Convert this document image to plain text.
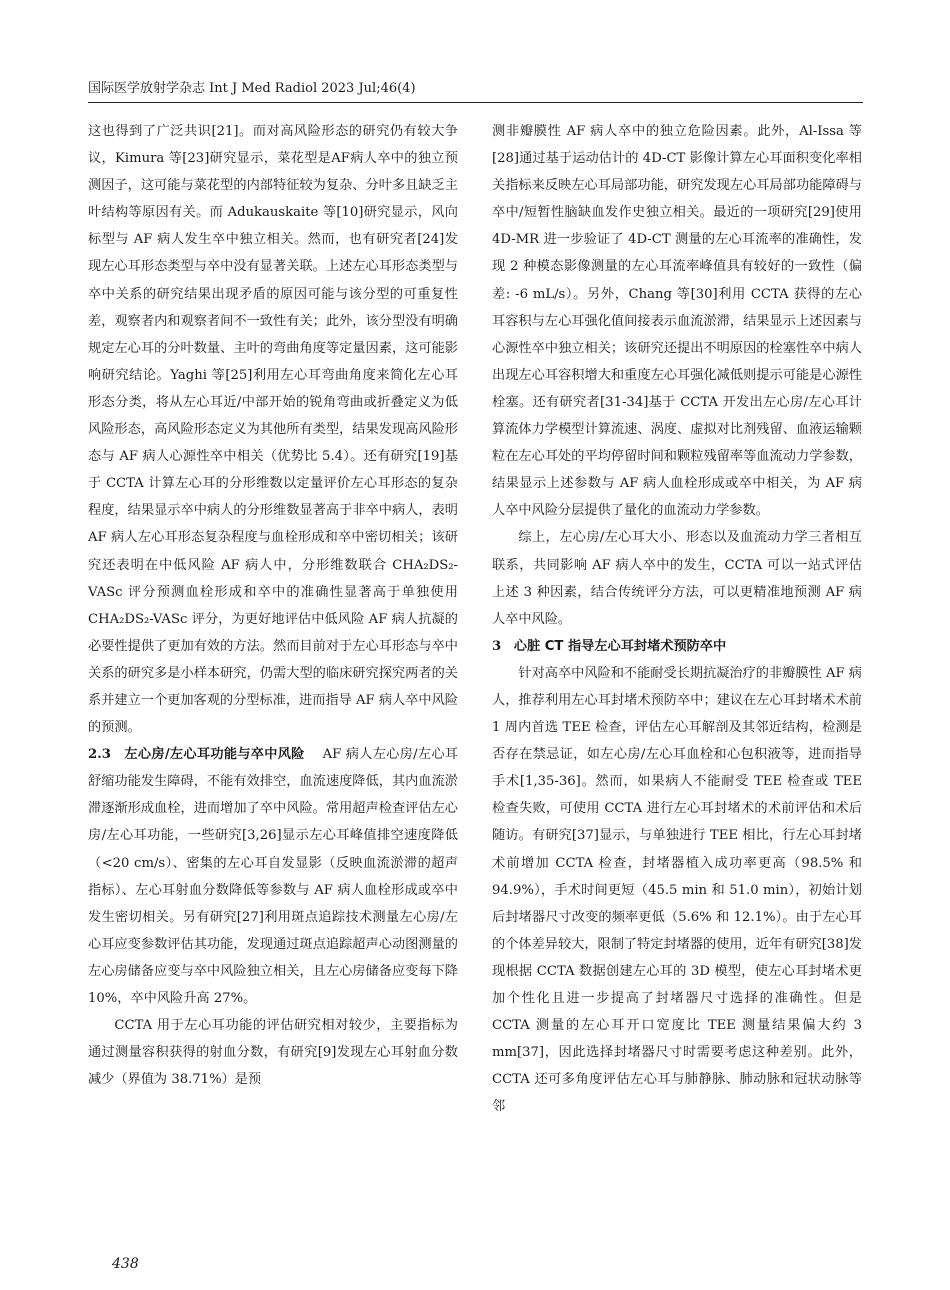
国际医学放射学杂志 Int J Med Radiol 2023 Jul;46(4)

这也得到了广泛共识[21]。而对高风险形态的研究仍有较大争议，Kimura 等[23]研究显示，菜花型是AF病人卒中的独立预测因子，这可能与菜花型的内部特征较为复杂、分叶多且缺乏主叶结构等原因有关。而 Adukauskaite 等[10]研究显示，风向标型与 AF 病人发生卒中独立相关。然而，也有研究者[24]发现左心耳形态类型与卒中没有显著关联。上述左心耳形态类型与卒中关系的研究结果出现矛盾的原因可能与该分型的可重复性差，观察者内和观察者间不一致性有关；此外，该分型没有明确规定左心耳的分叶数量、主叶的弯曲角度等定量因素，这可能影响研究结论。Yaghi 等[25]利用左心耳弯曲角度来简化左心耳形态分类，将从左心耳近/中部开始的锐角弯曲或折叠定义为低风险形态，高风险形态定义为其他所有类型，结果发现高风险形态与 AF 病人心源性卒中相关（优势比 5.4）。还有研究[19]基于 CCTA 计算左心耳的分形维数以定量评价左心耳形态的复杂程度，结果显示卒中病人的分形维数显著高于非卒中病人，表明 AF 病人左心耳形态复杂程度与血栓形成和卒中密切相关；该研究还表明在中低风险 AF 病人中，分形维数联合 CHA₂DS₂-VASc 评分预测血栓形成和卒中的准确性显著高于单独使用 CHA₂DS₂-VASc 评分，为更好地评估中低风险 AF 病人抗凝的必要性提供了更加有效的方法。然而目前对于左心耳形态与卒中关系的研究多是小样本研究，仍需大型的临床研究探究两者的关系并建立一个更加客观的分型标准，进而指导 AF 病人卒中风险的预测。

2.3 左心房/左心耳功能与卒中风险 AF 病人左心房/左心耳舒缩功能发生障碍，不能有效排空，血流速度降低，其内血流淤滞逐渐形成血栓，进而增加了卒中风险。常用超声检查评估左心房/左心耳功能，一些研究[3,26]显示左心耳峰值排空速度降低（<20 cm/s）、密集的左心耳自发显影（反映血流淤滞的超声指标）、左心耳射血分数降低等参数与 AF 病人血栓形成或卒中发生密切相关。另有研究[27]利用斑点追踪技术测量左心房/左心耳应变参数评估其功能，发现通过斑点追踪超声心动图测量的左心房储备应变与卒中风险独立相关，且左心房储备应变每下降 10%，卒中风险升高 27%。

CCTA 用于左心耳功能的评估研究相对较少，主要指标为通过测量容积获得的射血分数，有研究[9]发现左心耳射血分数减少（界值为 38.71%）是预

测非瓣膜性 AF 病人卒中的独立危险因素。此外，Al-Issa 等[28]通过基于运动估计的 4D-CT 影像计算左心耳面积变化率相关指标来反映左心耳局部功能，研究发现左心耳局部功能障碍与卒中/短暂性脑缺血发作史独立相关。最近的一项研究[29]使用 4D-MR 进一步验证了 4D-CT 测量的左心耳流率的准确性，发现 2 种模态影像测量的左心耳流率峰值具有较好的一致性（偏差: -6 mL/s）。另外，Chang 等[30]利用 CCTA 获得的左心耳容积与左心耳强化值间接表示血流淤滞，结果显示上述因素与心源性卒中独立相关；该研究还提出不明原因的栓塞性卒中病人出现左心耳容积增大和重度左心耳强化减低则提示可能是心源性栓塞。还有研究者[31-34]基于 CCTA 开发出左心房/左心耳计算流体力学模型计算流速、涡度、虚拟对比剂残留、血液运输颗粒在左心耳处的平均停留时间和颗粒残留率等血流动力学参数，结果显示上述参数与 AF 病人血栓形成或卒中相关，为 AF 病人卒中风险分层提供了量化的血流动力学参数。

综上，左心房/左心耳大小、形态以及血流动力学三者相互联系，共同影响 AF 病人卒中的发生，CCTA 可以一站式评估上述 3 种因素，结合传统评分方法，可以更精准地预测 AF 病人卒中风险。

3 心脏 CT 指导左心耳封堵术预防卒中

针对高卒中风险和不能耐受长期抗凝治疗的非瓣膜性 AF 病人，推荐利用左心耳封堵术预防卒中；建议在左心耳封堵术术前 1 周内首选 TEE 检查，评估左心耳解剖及其邻近结构，检测是否存在禁忌证，如左心房/左心耳血栓和心包积液等，进而指导手术[1,35-36]。然而，如果病人不能耐受 TEE 检查或 TEE 检查失败，可使用 CCTA 进行左心耳封堵术的术前评估和术后随访。有研究[37]显示，与单独进行 TEE 相比，行左心耳封堵术前增加 CCTA 检查，封堵器植入成功率更高（98.5% 和 94.9%），手术时间更短（45.5 min 和 51.0 min），初始计划后封堵器尺寸改变的频率更低（5.6% 和 12.1%）。由于左心耳的个体差异较大，限制了特定封堵器的使用，近年有研究[38]发现根据 CCTA 数据创建左心耳的 3D 模型，使左心耳封堵术更加个性化且进一步提高了封堵器尺寸选择的准确性。但是 CCTA 测量的左心耳开口宽度比 TEE 测量结果偏大约 3 mm[37]，因此选择封堵器尺寸时需要考虑这种差别。此外，CCTA 还可多角度评估左心耳与肺静脉、肺动脉和冠状动脉等邻

438
